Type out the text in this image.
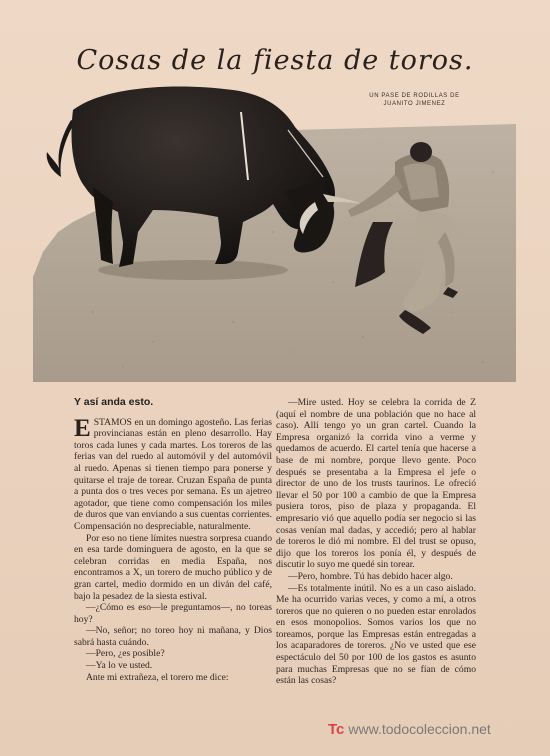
Cosas de la fiesta de toros.
UN PASE DE RODILLAS DE
JUANITO JIMENEZ
Y así anda esto.

ESTAMOS en un domingo agosteño. Las ferias provincianas están en pleno desarrollo. Hay toros cada lunes y cada martes. Los toreros de las ferias van del ruedo al automóvil y del automóvil al ruedo. Apenas si tienen tiempo para ponerse y quitarse el traje de torear. Cruzan España de punta a punta dos o tres veces por semana. Es un ajetreo agotador, que tiene como compensación los miles de duros que van enviando a sus cuentas corrientes. Compensación no despreciable, naturalmente.

Por eso no tiene límites nuestra sorpresa cuando en esa tarde dominguera de agosto, en la que se celebran corridas en media España, nos encontramos a X, un torero de mucho público y de gran cartel, medio dormido en un diván del café, bajo la pesadez de la siesta estival.

—¿Cómo es eso—le preguntamos—, no toreas hoy?

—No, señor; no toreo hoy ni mañana, y Dios sabrá hasta cuándo.

—Pero, ¿es posible?

—Ya lo ve usted.

Ante mi extrañeza, el torero me dice:

—Mire usted. Hoy se celebra la corrida de Z (aquí el nombre de una población que no hace al caso). Allí tengo yo un gran cartel. Cuando la Empresa organizó la corrida vino a verme y quedamos de acuerdo. El cartel tenía que hacerse a base de mi nombre, porque llevo gente. Poco después se presentaba a la Empresa el jefe o director de uno de los trusts taurinos. Le ofreció llevar el 50 por 100 a cambio de que la Empresa pusiera toros, piso de plaza y propaganda. El empresario vió que aquello podía ser negocio si las cosas venían mal dadas, y accedió; pero al hablar de toreros le dió mi nombre. El del trust se opuso, dijo que los toreros los ponía él, y después de discutir lo suyo me quedé sin torear.

—Pero, hombre. Tú has debido hacer algo.

—Es totalmente inútil. No es a un caso aislado. Me ha ocurrido varias veces, y como a mí, a otros toreros que no quieren o no pueden estar enrolados en esos monopolios. Somos varios los que no toreamos, porque las Empresas están entregadas a los acaparadores de toreros. ¿No ve usted que ese espectáculo del 50 por 100 de los gastos es asunto para muchas Empresas que no se fían de cómo están las cosas?

Tc www.todocoleccion.net
